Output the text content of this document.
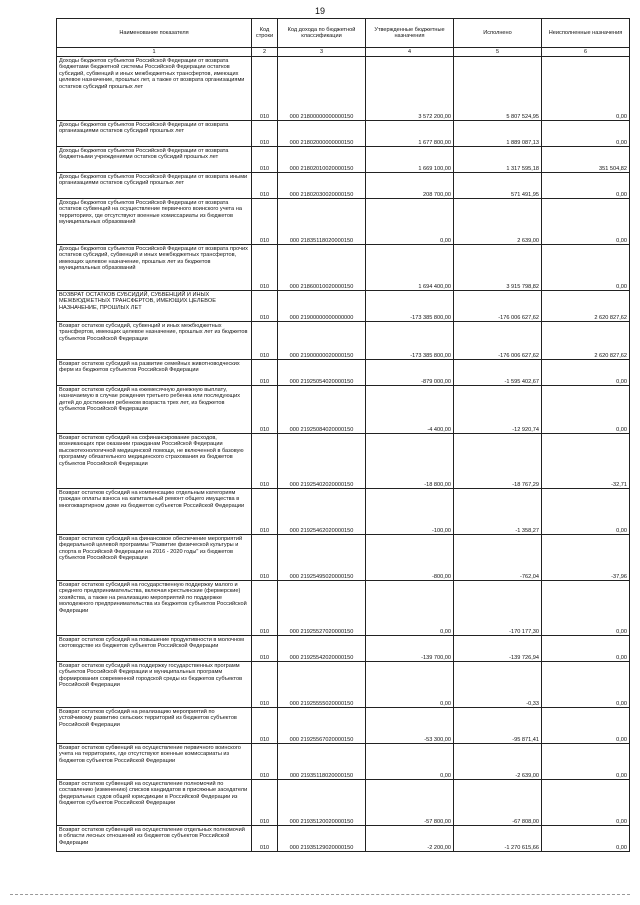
19
Наименование показателя	Код строки	Код дохода по бюджетной классификации	Утвержденные бюджетные назначения	Исполнено	Неисполненные назначения
1	2	3	4	5	6
Доходы бюджетов субъектов Российской Федерации от возврата бюджетами бюджетной системы Российской Федерации остатков субсидий, субвенций и иных межбюджетных трансфертов, имеющих целевое назначение, прошлых лет, а также от возврата организациями остатков субсидий прошлых лет	010	000 21800000000000150	3 572 200,00	5 807 524,95	0,00
Доходы бюджетов субъектов Российской Федерации от возврата организациями остатков субсидий прошлых лет	010	000 21802000000000150	1 677 800,00	1 889 087,13	0,00
Доходы бюджетов субъектов Российской Федерации от возврата бюджетными учреждениями остатков субсидий прошлых лет	010	000 21802010020000150	1 669 100,00	1 317 595,18	351 504,82
Доходы бюджетов субъектов Российской Федерации от возврата иными организациями остатков субсидий прошлых лет	010	000 21802030020000150	208 700,00	571 491,95	0,00
Доходы бюджетов субъектов Российской Федерации от возврата остатков субвенций на осуществление первичного воинского учета на территориях, где отсутствуют военные комиссариаты из бюджетов муниципальных образований	010	000 21835118020000150	0,00	2 639,00	0,00
Доходы бюджетов субъектов Российской Федерации от возврата прочих остатков субсидий, субвенций и иных межбюджетных трансфертов, имеющих целевое назначение, прошлых лет из бюджетов муниципальных образований	010	000 21860010020000150	1 694 400,00	3 915 798,82	0,00
ВОЗВРАТ ОСТАТКОВ СУБСИДИЙ, СУБВЕНЦИЙ И ИНЫХ МЕЖБЮДЖЕТНЫХ ТРАНСФЕРТОВ, ИМЕЮЩИХ ЦЕЛЕВОЕ НАЗНАЧЕНИЕ, ПРОШЛЫХ ЛЕТ	010	000 21900000000000000	-173 385 800,00	-176 006 627,62	2 620 827,62
Возврат остатков субсидий, субвенций и иных межбюджетных трансфертов, имеющих целевое назначение, прошлых лет из бюджетов субъектов Российской Федерации	010	000 21900000020000150	-173 385 800,00	-176 006 627,62	2 620 827,62
Возврат остатков субсидий на развитие семейных животноводческих ферм из бюджетов субъектов Российской Федерации	010	000 21925054020000150	-879 000,00	-1 595 402,67	0,00
Возврат остатков субсидий на ежемесячную денежную выплату, назначаемую в случае рождения третьего ребенка или последующих детей до достижения ребенком возраста трех лет, из бюджетов субъектов Российской Федерации	010	000 21925084020000150	-4 400,00	-12 920,74	0,00
Возврат остатков субсидий на софинансирование расходов, возникающих при оказании гражданам Российской Федерации высокотехнологичной медицинской помощи, не включенной в базовую программу обязательного медицинского страхования из бюджетов субъектов Российской Федерации	010	000 21925402020000150	-18 800,00	-18 767,29	-32,71
Возврат остатков субсидий на компенсацию отдельным категориям граждан оплаты взноса на капитальный ремонт общего имущества в многоквартирном доме из бюджетов субъектов Российской Федерации	010	000 21925462020000150	-100,00	-1 358,27	0,00
Возврат остатков субсидий на финансовое обеспечение мероприятий федеральной целевой программы "Развитие физической культуры и спорта в Российской Федерации на 2016 - 2020 годы" из бюджетов субъектов Российской Федерации	010	000 21925495020000150	-800,00	-762,04	-37,96
Возврат остатков субсидий на государственную поддержку малого и среднего предпринимательства, включая крестьянские (фермерские) хозяйства, а также на реализацию мероприятий по поддержке молодежного предпринимательства из бюджетов субъектов Российской Федерации	010	000 21925527020000150	0,00	-170 177,30	0,00
Возврат остатков субсидий на повышение продуктивности в молочном скотоводстве из бюджетов субъектов Российской Федерации	010	000 21925542020000150	-139 700,00	-139 726,94	0,00
Возврат остатков субсидий на поддержку государственных программ субъектов Российской Федерации и муниципальных программ формирования современной городской среды из бюджетов субъектов Российской Федерации	010	000 21925555020000150	0,00	-0,33	0,00
Возврат остатков субсидий на реализацию мероприятий по устойчивому развитию сельских территорий из бюджетов субъектов Российской Федерации	010	000 21925567020000150	-53 300,00	-95 871,41	0,00
Возврат остатков субвенций на осуществление первичного воинского учета на территориях, где отсутствуют военные комиссариаты из бюджетов субъектов Российской Федерации	010	000 21935118020000150	0,00	-2 639,00	0,00
Возврат остатков субвенций на осуществление полномочий по составлению (изменению) списков кандидатов в присяжные заседатели федеральных судов общей юрисдикции в Российской Федерации из бюджетов субъектов Российской Федерации	010	000 21935120020000150	-57 800,00	-67 808,00	0,00
Возврат остатков субвенций на осуществление отдельных полномочий в области лесных отношений из бюджетов субъектов Российской Федерации	010	000 21935129020000150	-2 200,00	-1 270 615,66	0,00
